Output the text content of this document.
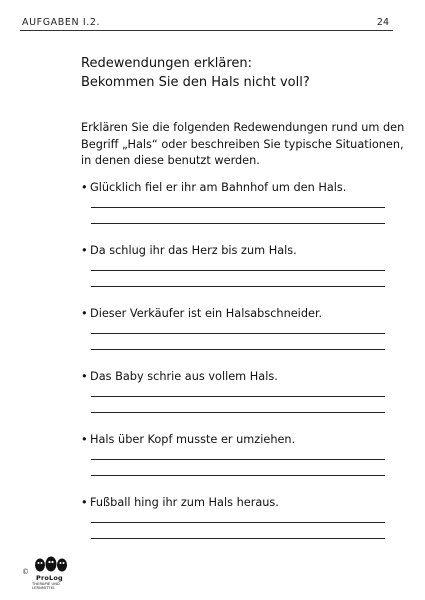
AUFGABEN I.2.	24
Redewendungen erklären:
Bekommen Sie den Hals nicht voll?
Erklären Sie die folgenden Redewendungen rund um den Begriff „Hals“ oder beschreiben Sie typische Situationen, in denen diese benutzt werden.
• Glücklich fiel er ihr am Bahnhof um den Hals.
• Da schlug ihr das Herz bis zum Hals.
• Dieser Verkäufer ist ein Halsabschneider.
• Das Baby schrie aus vollem Hals.
• Hals über Kopf musste er umziehen.
• Fußball hing ihr zum Hals heraus.
©
ProLog
THERAPIE UND LERNMITTEL
